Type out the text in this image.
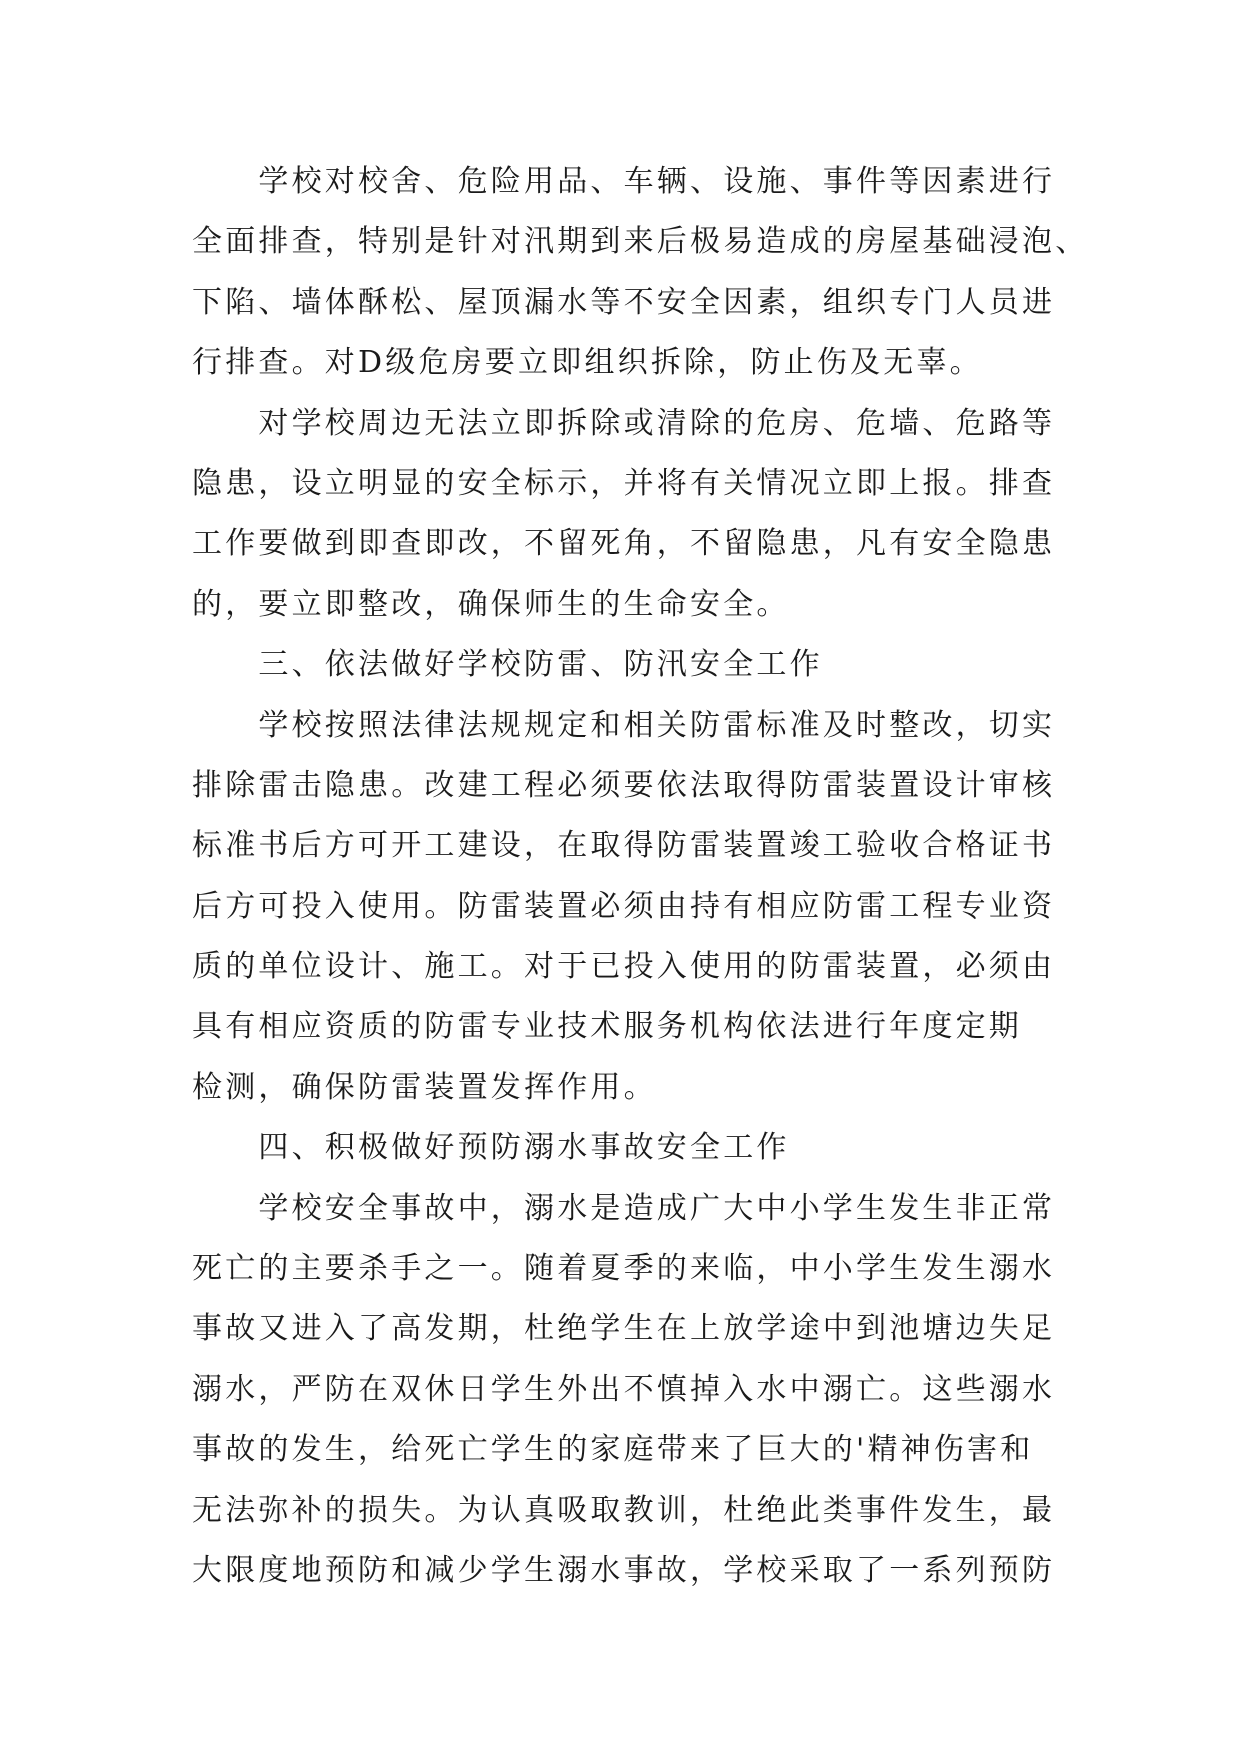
　　学校对校舍、危险用品、车辆、设施、事件等因素进行
全面排查，特别是针对汛期到来后极易造成的房屋基础浸泡、
下陷、墙体酥松、屋顶漏水等不安全因素，组织专门人员进
行排查。对D级危房要立即组织拆除，防止伤及无辜。
　　对学校周边无法立即拆除或清除的危房、危墙、危路等
隐患，设立明显的安全标示，并将有关情况立即上报。排查
工作要做到即查即改，不留死角，不留隐患，凡有安全隐患
的，要立即整改，确保师生的生命安全。
　　三、依法做好学校防雷、防汛安全工作
　　学校按照法律法规规定和相关防雷标准及时整改，切实
排除雷击隐患。改建工程必须要依法取得防雷装置设计审核
标准书后方可开工建设，在取得防雷装置竣工验收合格证书
后方可投入使用。防雷装置必须由持有相应防雷工程专业资
质的单位设计、施工。对于已投入使用的防雷装置，必须由
具有相应资质的防雷专业技术服务机构依法进行年度定期
检测，确保防雷装置发挥作用。
　　四、积极做好预防溺水事故安全工作
　　学校安全事故中，溺水是造成广大中小学生发生非正常
死亡的主要杀手之一。随着夏季的来临，中小学生发生溺水
事故又进入了高发期，杜绝学生在上放学途中到池塘边失足
溺水，严防在双休日学生外出不慎掉入水中溺亡。这些溺水
事故的发生，给死亡学生的家庭带来了巨大的'精神伤害和
无法弥补的损失。为认真吸取教训，杜绝此类事件发生，最
大限度地预防和减少学生溺水事故，学校采取了一系列预防
